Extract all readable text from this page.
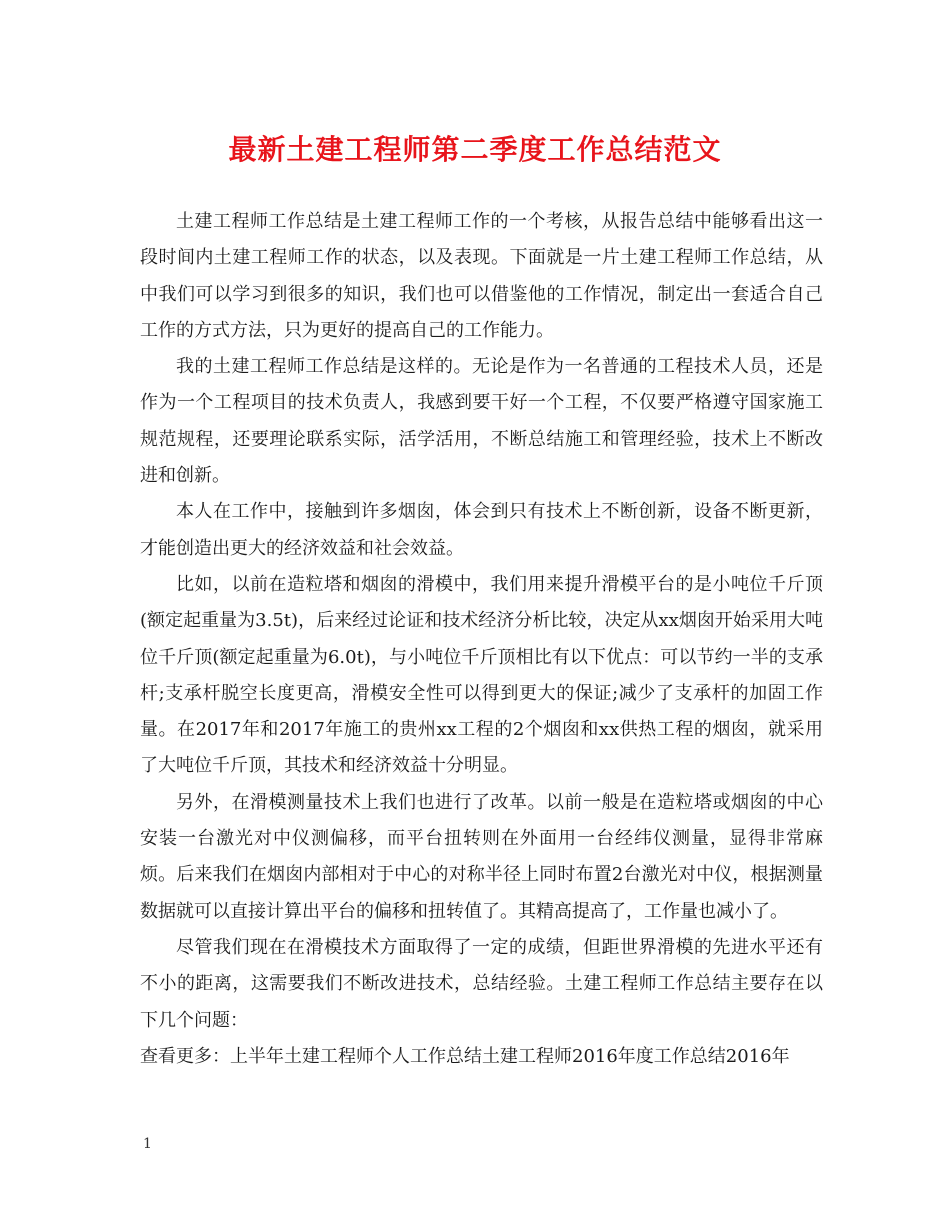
最新土建工程师第二季度工作总结范文

土建工程师工作总结是土建工程师工作的一个考核，从报告总结中能够看出这一段时间内土建工程师工作的状态，以及表现。下面就是一片土建工程师工作总结，从中我们可以学习到很多的知识，我们也可以借鉴他的工作情况，制定出一套适合自己工作的方式方法，只为更好的提高自己的工作能力。

我的土建工程师工作总结是这样的。无论是作为一名普通的工程技术人员，还是作为一个工程项目的技术负责人，我感到要干好一个工程，不仅要严格遵守国家施工规范规程，还要理论联系实际，活学活用，不断总结施工和管理经验，技术上不断改进和创新。

本人在工作中，接触到许多烟囱，体会到只有技术上不断创新，设备不断更新，才能创造出更大的经济效益和社会效益。

比如，以前在造粒塔和烟囱的滑模中，我们用来提升滑模平台的是小吨位千斤顶(额定起重量为3.5t)，后来经过论证和技术经济分析比较，决定从xx烟囱开始采用大吨位千斤顶(额定起重量为6.0t)，与小吨位千斤顶相比有以下优点：可以节约一半的支承杆;支承杆脱空长度更高，滑模安全性可以得到更大的保证;减少了支承杆的加固工作量。在2017年和2017年施工的贵州xx工程的2个烟囱和xx供热工程的烟囱，就采用了大吨位千斤顶，其技术和经济效益十分明显。

另外，在滑模测量技术上我们也进行了改革。以前一般是在造粒塔或烟囱的中心安装一台激光对中仪测偏移，而平台扭转则在外面用一台经纬仪测量，显得非常麻烦。后来我们在烟囱内部相对于中心的对称半径上同时布置2台激光对中仪，根据测量数据就可以直接计算出平台的偏移和扭转值了。其精高提高了，工作量也减小了。

尽管我们现在在滑模技术方面取得了一定的成绩，但距世界滑模的先进水平还有不小的距离，这需要我们不断改进技术，总结经验。土建工程师工作总结主要存在以下几个问题：

查看更多：上半年土建工程师个人工作总结土建工程师2016年度工作总结2016年

1
